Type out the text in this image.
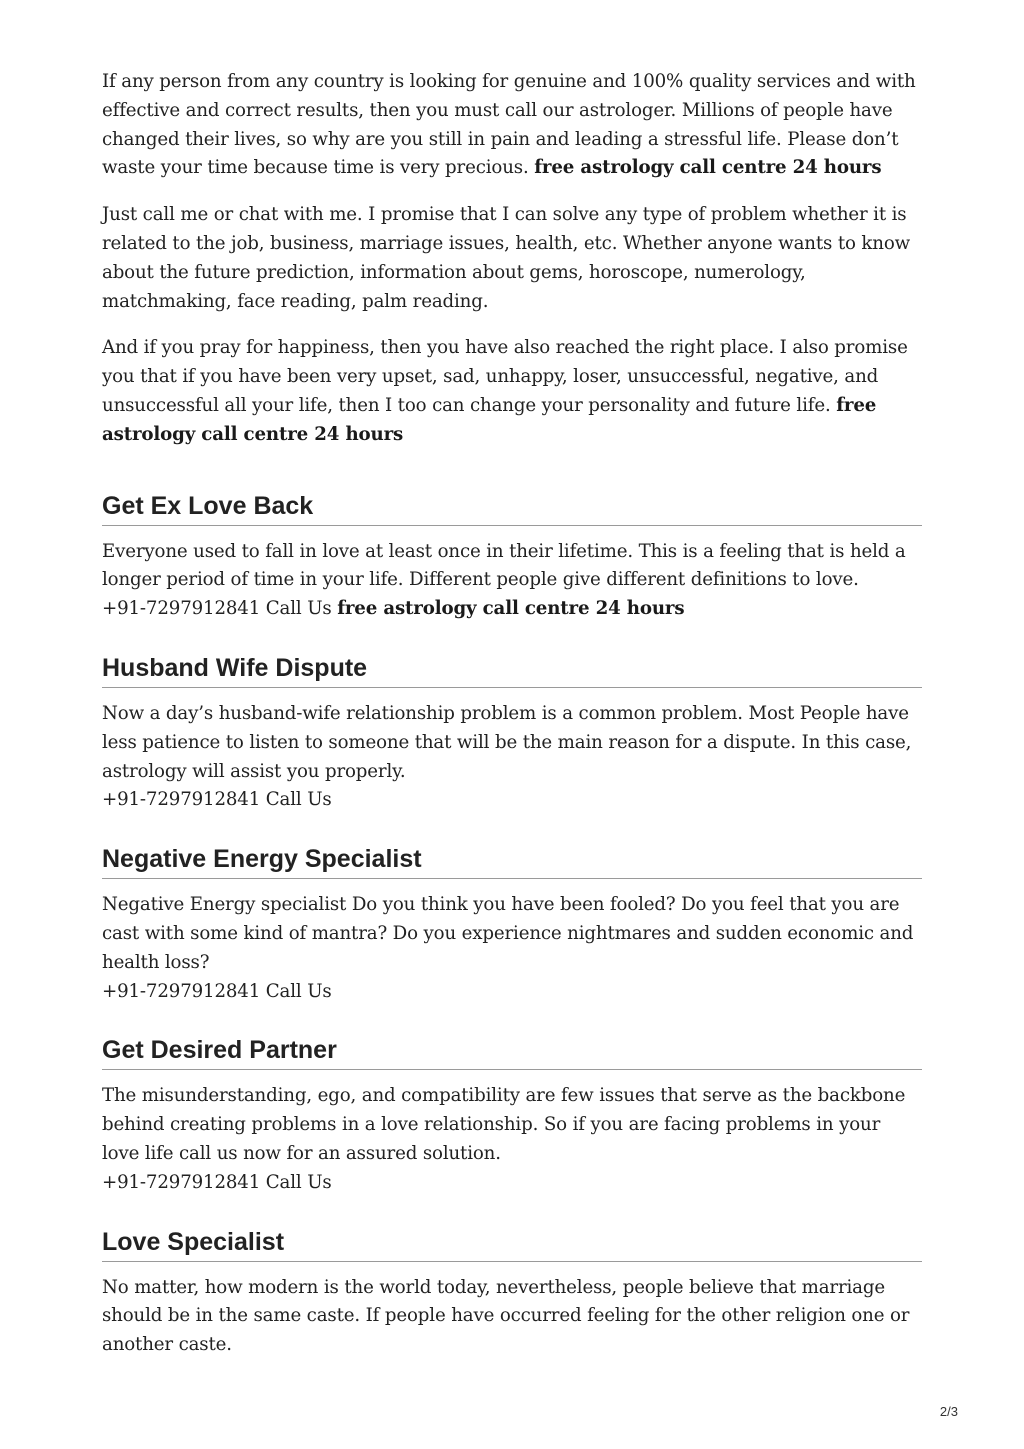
If any person from any country is looking for genuine and 100% quality services and with effective and correct results, then you must call our astrologer. Millions of people have changed their lives, so why are you still in pain and leading a stressful life. Please don’t waste your time because time is very precious. free astrology call centre 24 hours

Just call me or chat with me. I promise that I can solve any type of problem whether it is related to the job, business, marriage issues, health, etc. Whether anyone wants to know about the future prediction, information about gems, horoscope, numerology, matchmaking, face reading, palm reading.

And if you pray for happiness, then you have also reached the right place. I also promise you that if you have been very upset, sad, unhappy, loser, unsuccessful, negative, and unsuccessful all your life, then I too can change your personality and future life. free astrology call centre 24 hours

Get Ex Love Back

Everyone used to fall in love at least once in their lifetime. This is a feeling that is held a longer period of time in your life. Different people give different definitions to love.

+91-7297912841 Call Us free astrology call centre 24 hours

Husband Wife Dispute

Now a day’s husband-wife relationship problem is a common problem. Most People have less patience to listen to someone that will be the main reason for a dispute. In this case, astrology will assist you properly.

+91-7297912841 Call Us

Negative Energy Specialist

Negative Energy specialist Do you think you have been fooled? Do you feel that you are cast with some kind of mantra? Do you experience nightmares and sudden economic and health loss?

+91-7297912841 Call Us

Get Desired Partner

The misunderstanding, ego, and compatibility are few issues that serve as the backbone behind creating problems in a love relationship. So if you are facing problems in your love life call us now for an assured solution.

+91-7297912841 Call Us

Love Specialist

No matter, how modern is the world today, nevertheless, people believe that marriage should be in the same caste. If people have occurred feeling for the other religion one or another caste.

2/3
